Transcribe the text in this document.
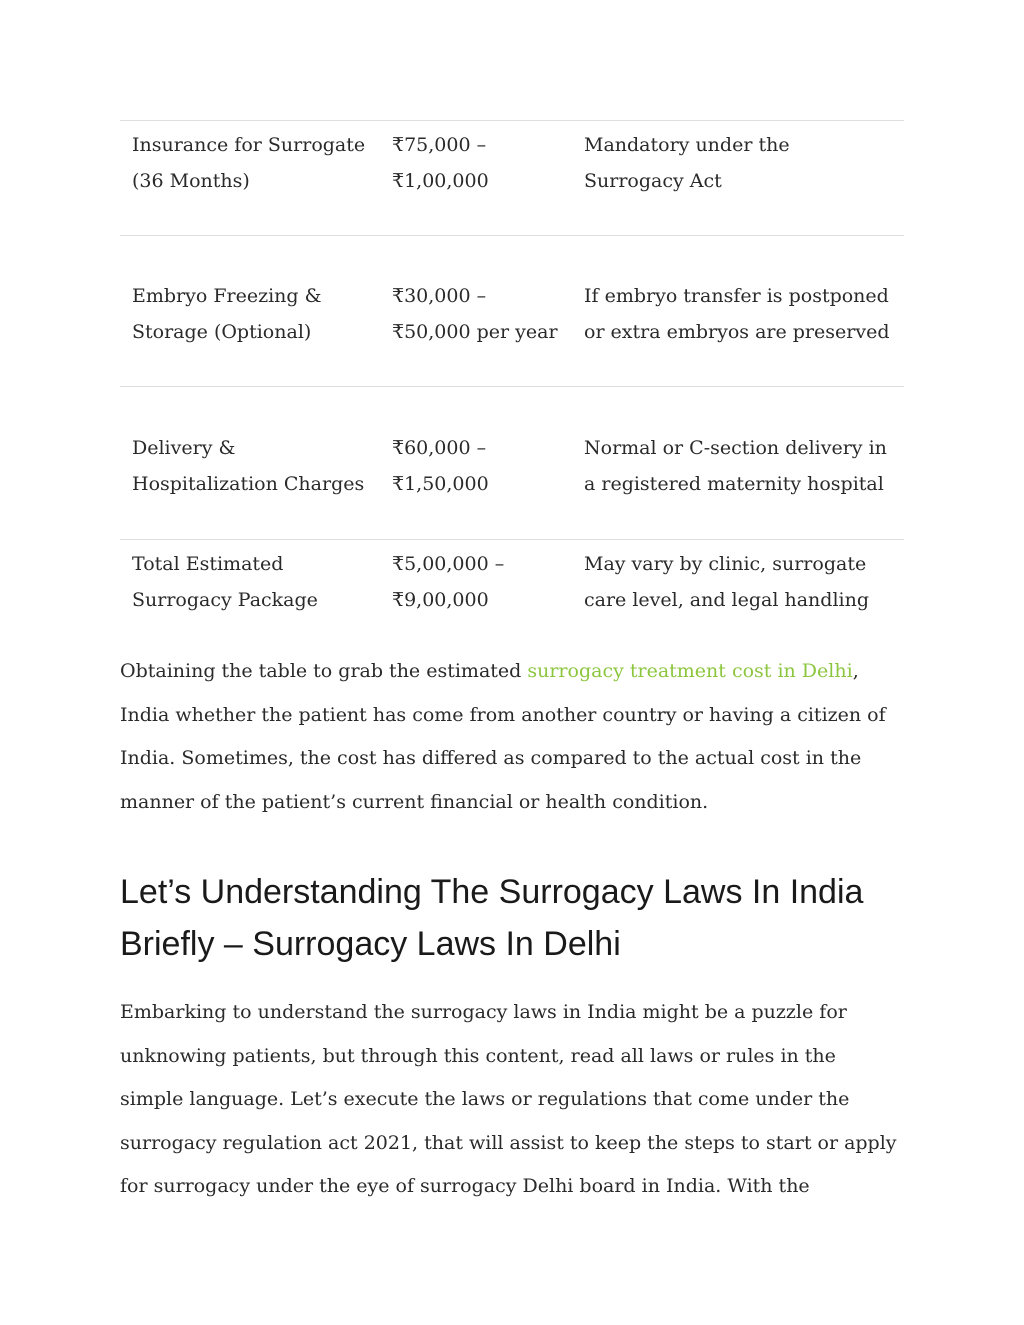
Insurance for Surrogate (36 Months)	₹75,000 – ₹1,00,000	Mandatory under the Surrogacy Act
Embryo Freezing & Storage (Optional)	₹30,000 – ₹50,000 per year	If embryo transfer is postponed or extra embryos are preserved
Delivery & Hospitalization Charges	₹60,000 – ₹1,50,000	Normal or C-section delivery in a registered maternity hospital
Total Estimated Surrogacy Package	₹5,00,000 – ₹9,00,000	May vary by clinic, surrogate care level, and legal handling

Obtaining the table to grab the estimated surrogacy treatment cost in Delhi, India whether the patient has come from another country or having a citizen of India. Sometimes, the cost has differed as compared to the actual cost in the manner of the patient’s current financial or health condition.

Let’s Understanding The Surrogacy Laws In India Briefly – Surrogacy Laws In Delhi

Embarking to understand the surrogacy laws in India might be a puzzle for unknowing patients, but through this content, read all laws or rules in the simple language. Let’s execute the laws or regulations that come under the surrogacy regulation act 2021, that will assist to keep the steps to start or apply for surrogacy under the eye of surrogacy Delhi board in India. With the
